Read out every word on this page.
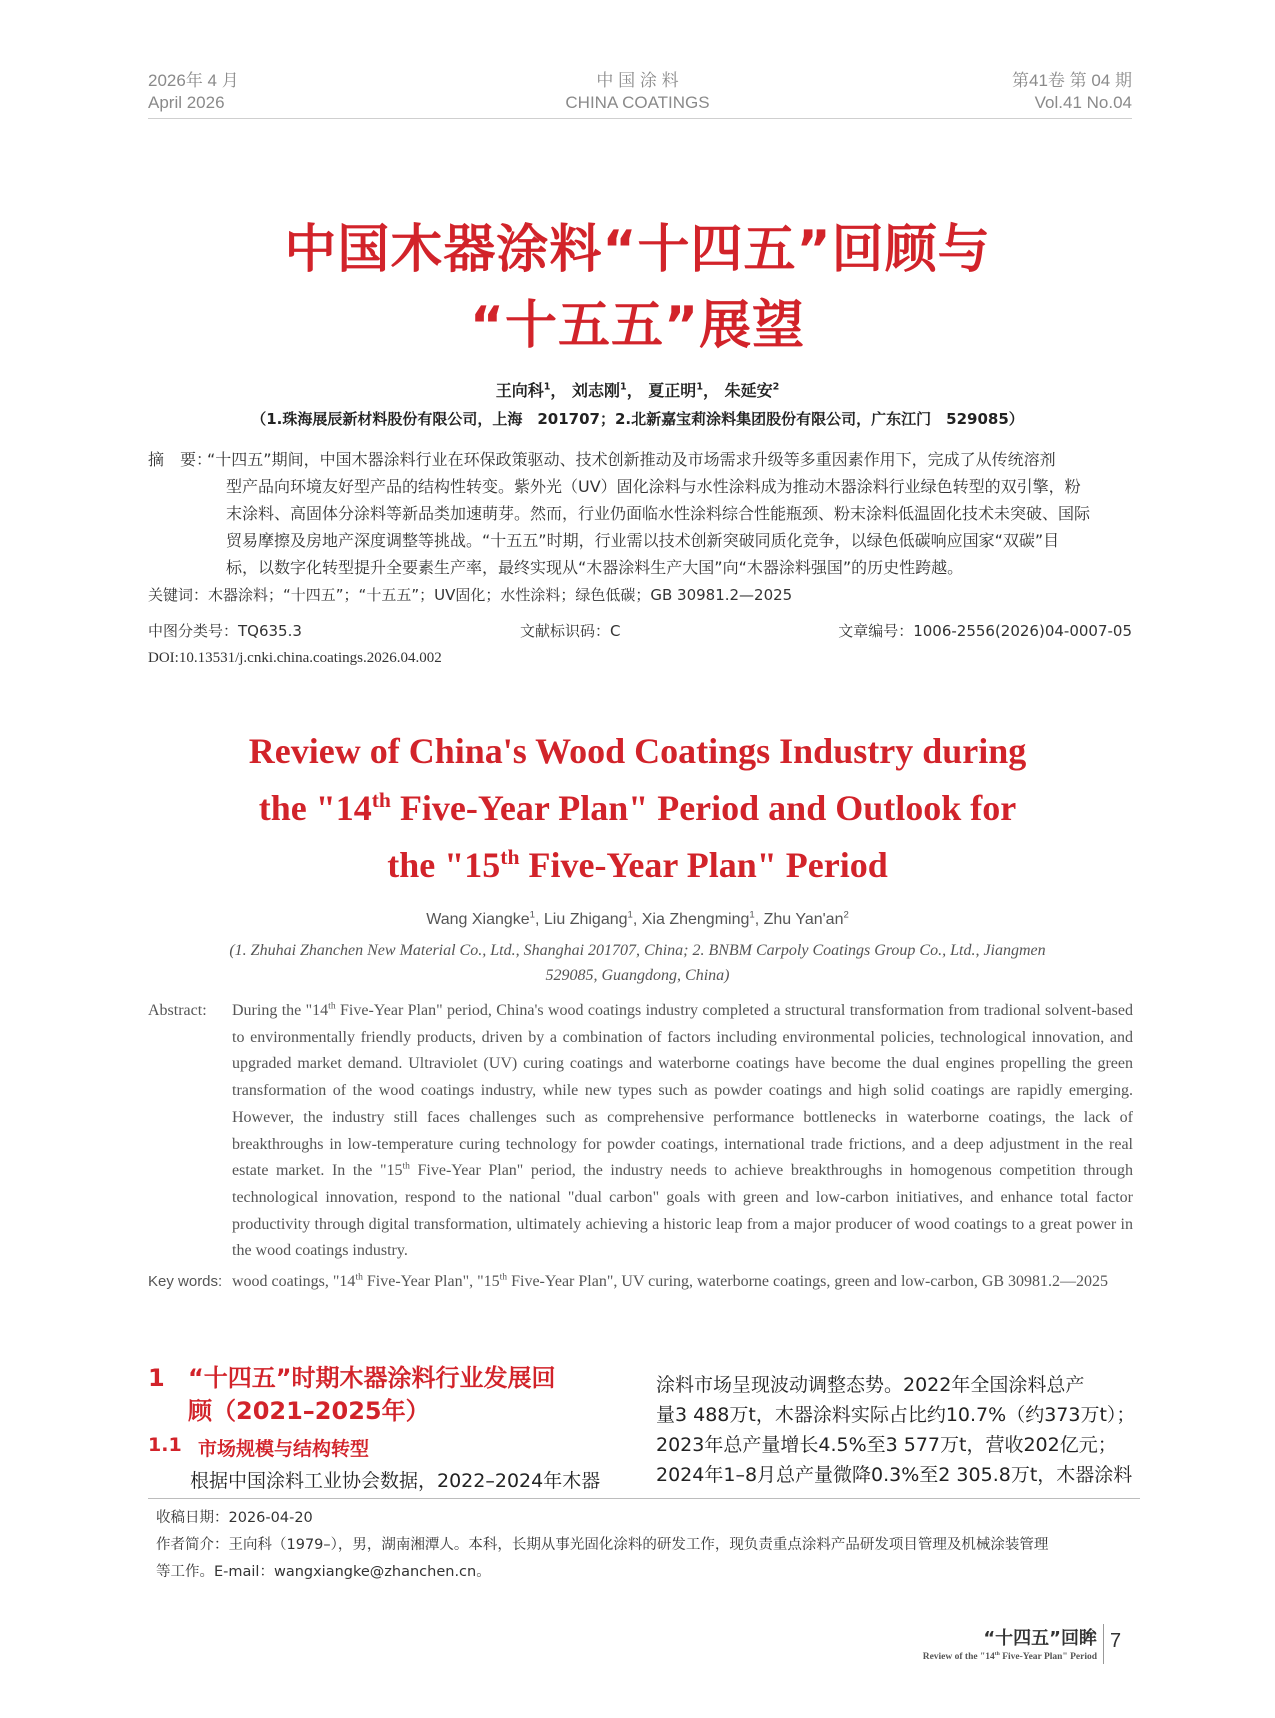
2026年 4 月
April 2026
中 国 涂 料
CHINA COATINGS
第41卷 第 04 期
Vol.41 No.04
中国木器涂料“十四五”回顾与
“十五五”展望
王向科$^1$， 刘志刚$^1$， 夏正明$^1$， 朱延安$^2$
（1.珠海展辰新材料股份有限公司，上海　201707；2.北新嘉宝莉涂料集团股份有限公司，广东江门　529085）
摘　要：
“十四五”期间，中国木器涂料行业在环保政策驱动、技术创新推动及市场需求升级等多重因素作用下，完成了从传统溶剂
型产品向环境友好型产品的结构性转变。紫外光（UV）固化涂料与水性涂料成为推动木器涂料行业绿色转型的双引擎，粉
末涂料、高固体分涂料等新品类加速萌芽。然而，行业仍面临水性涂料综合性能瓶颈、粉末涂料低温固化技术未突破、国际
贸易摩擦及房地产深度调整等挑战。“十五五”时期，行业需以技术创新突破同质化竞争，以绿色低碳响应国家“双碳”目
标，以数字化转型提升全要素生产率，最终实现从“木器涂料生产大国”向“木器涂料强国”的历史性跨越。
关键词：木器涂料；“十四五”；“十五五”；UV固化；水性涂料；绿色低碳；GB 30981.2—2025
中图分类号：TQ635.3	文献标识码：C	文章编号：1006-2556(2026)04-0007-05
DOI:10.13531/j.cnki.china.coatings.2026.04.002
Review of China's Wood Coatings Industry during
the "14th Five-Year Plan" Period and Outlook for
the "15th Five-Year Plan" Period
Wang Xiangke$^1$, Liu Zhigang$^1$, Xia Zhengming$^1$, Zhu $Yan'an^2$
(1. Zhuhai Zhanchen New Material Co., Ltd., Shanghai 201707, China; 2. BNBM Carpoly Coatings Group Co., Ltd., Jiangmen
529085, Guangdong, China)
Abstract: During the "14th Five-Year Plan" period, China's wood coatings industry completed a structural transformation from tradional solvent-based to environmentally friendly products, driven by a combination of factors including environmental policies, technological innovation, and upgraded market demand. Ultraviolet (UV) curing coatings and waterborne coatings have become the dual engines propelling the green transformation of the wood coatings industry, while new types such as powder coatings and high solid coatings are rapidly emerging. However, the industry still faces challenges such as comprehensive performance bottlenecks in waterborne coatings, the lack of breakthroughs in low-temperature curing technology for powder coatings, international trade frictions, and a deep adjustment in the real estate market. In the "15th Five-Year Plan" period, the industry needs to achieve breakthroughs in homogenous competition through technological innovation, respond to the national "dual carbon" goals with green and low-carbon initiatives, and enhance total factor productivity through digital transformation, ultimately achieving a historic leap from a major producer of wood coatings to a great power in the wood coatings industry.
Key words: wood coatings, "14th Five-Year Plan", "15th Five-Year Plan", UV curing, waterborne coatings, green and low-carbon, GB 30981.2—2025
1 “十四五”时期木器涂料行业发展回
顾（2021–2025年）
1.1 市场规模与结构转型
根据中国涂料工业协会数据，2022–2024年木器
涂料市场呈现波动调整态势。2022年全国涂料总产
量3 488万t，木器涂料实际占比约10.7%（约373万t）；
2023年总产量增长4.5%至3 577万t，营收202亿元；
2024年1–8月总产量微降0.3%至2 305.8万t，木器涂料
收稿日期：2026-04-20
作者简介：王向科（1979–），男，湖南湘潭人。本科，长期从事光固化涂料的研发工作，现负责重点涂料产品研发项目管理及机械涂装管理
等工作。E-mail：wangxiangke@zhanchen.cn。
“十四五”回眸
Review of the "14th Five-Year Plan" Period
7
